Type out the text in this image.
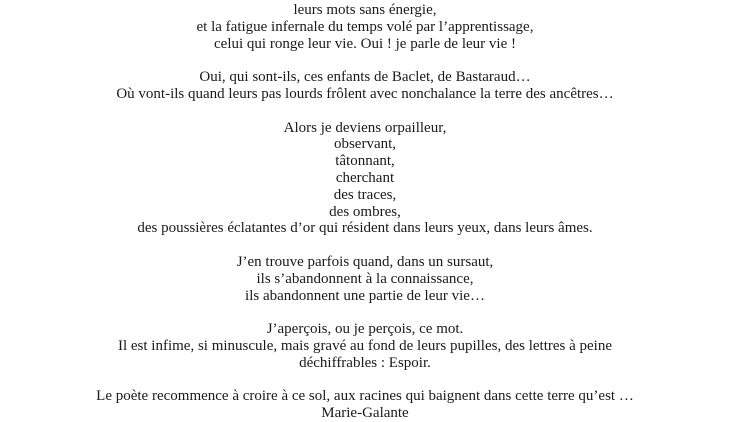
leurs mots sans énergie,
et la fatigue infernale du temps volé par l’apprentissage,
celui qui ronge leur vie. Oui ! je parle de leur vie !
Oui, qui sont-ils, ces enfants de Baclet, de Bastaraud…
Où vont-ils quand leurs pas lourds frôlent avec nonchalance la terre des ancêtres…
Alors je deviens orpailleur,
observant,
tâtonnant,
cherchant
des traces,
des ombres,
des poussières éclatantes d’or qui résident dans leurs yeux, dans leurs âmes.
J’en trouve parfois quand, dans un sursaut,
ils s’abandonnent à la connaissance,
ils abandonnent une partie de leur vie…
J’aperçois, ou je perçois, ce mot.
Il est infime, si minuscule, mais gravé au fond de leurs pupilles, des lettres à peine
déchiffrables : Espoir.
Le poète recommence à croire à ce sol, aux racines qui baignent dans cette terre qu’est …
Marie-Galante
